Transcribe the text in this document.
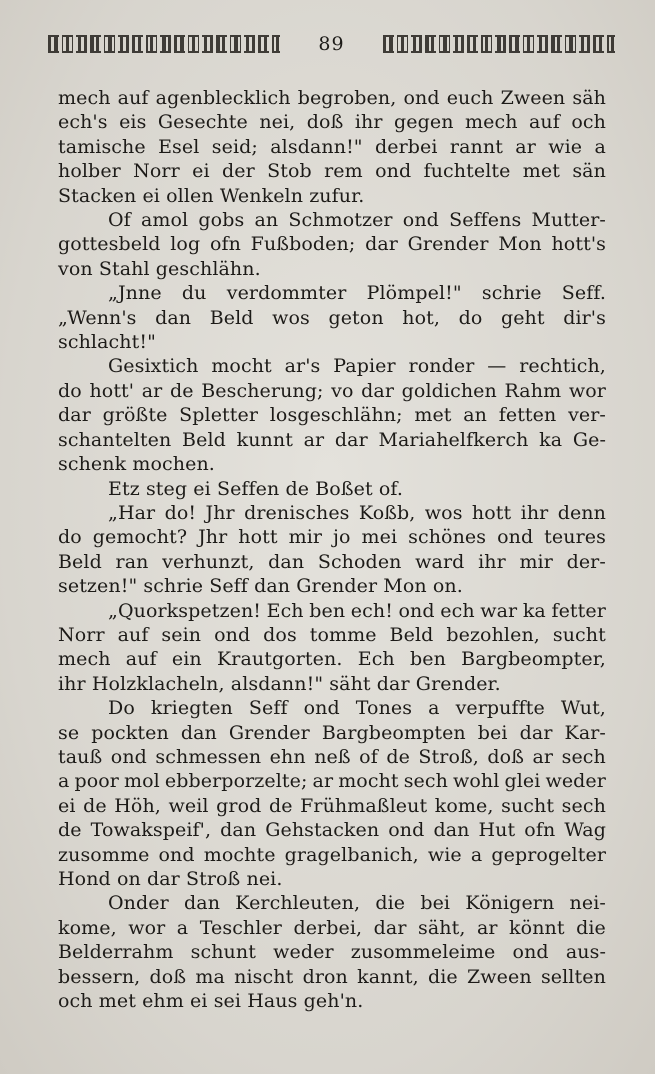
89
mech auf agenblecklich begroben, ond euch Zween säh
ech's eis Gesechte nei, doß ihr gegen mech auf och
tamische Esel seid; alsdann!" derbei rannt ar wie a
holber Norr ei der Stob rem ond fuchtelte met sän
Stacken ei ollen Wenkeln zufur.
Of amol gobs an Schmotzer ond Seffens Mutter-
gottesbeld log ofn Fußboden; dar Grender Mon hott's
von Stahl geschlähn.
„Jnne du verdommter Plömpel!" schrie Seff.
„Wenn's dan Beld wos geton hot, do geht dir's
schlacht!"
Gesixtich mocht ar's Papier ronder — rechtich,
do hott' ar de Bescherung; vo dar goldichen Rahm wor
dar größte Spletter losgeschlähn; met an fetten ver-
schantelten Beld kunnt ar dar Mariahelfkerch ka Ge-
schenk mochen.
Etz steg ei Seffen de Boßet of.
„Har do! Jhr drenisches Koßb, wos hott ihr denn
do gemocht? Jhr hott mir jo mei schönes ond teures
Beld ran verhunzt, dan Schoden ward ihr mir der-
setzen!" schrie Seff dan Grender Mon on.
„Quorkspetzen! Ech ben ech! ond ech war ka fetter
Norr auf sein ond dos tomme Beld bezohlen, sucht
mech auf ein Krautgorten. Ech ben Bargbeompter,
ihr Holzklacheln, alsdann!" säht dar Grender.
Do kriegten Seff ond Tones a verpuffte Wut,
se pockten dan Grender Bargbeompten bei dar Kar-
tauß ond schmessen ehn neß of de Stroß, doß ar sech
a poor mol ebberporzelte; ar mocht sech wohl glei weder
ei de Höh, weil grod de Frühmaßleut kome, sucht sech
de Towakspeif', dan Gehstacken ond dan Hut ofn Wag
zusomme ond mochte gragelbanich, wie a geprogelter
Hond on dar Stroß nei.
Onder dan Kerchleuten, die bei Königern nei-
kome, wor a Teschler derbei, dar säht, ar könnt die
Belderrahm schunt weder zusommeleime ond aus-
bessern, doß ma nischt dron kannt, die Zween sellten
och met ehm ei sei Haus geh'n.
